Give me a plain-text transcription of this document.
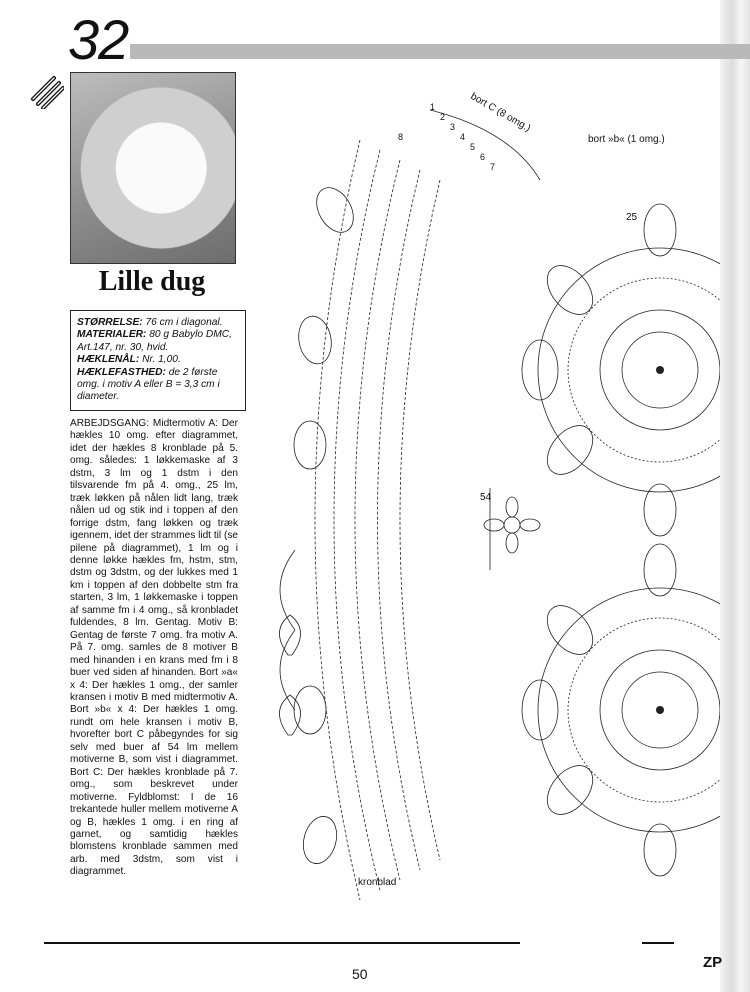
32
Lille dug

STØRRELSE: 76 cm i diagonal.

MATERIALER: 80 g Babylo DMC, Art.147, nr. 30, hvid.

HÆKLENÅL: Nr. 1,00.

HÆKLEFASTHED: de 2 første omg. i motiv A eller B = 3,3 cm i diameter.

ARBEJDSGANG: Midtermotiv A: Der hækles 10 omg. efter diagrammet, idet der hækles 8 kronblade på 5. omg. således: 1 løkkemaske af 3 dstm, 3 lm og 1 dstm i den tilsvarende fm på 4. omg., 25 lm, træk løkken på nålen lidt lang, træk nålen ud og stik ind i toppen af den forrige dstm, fang løkken og træk igennem, idet der strammes lidt til (se pilene på diagrammet), 1 lm og i denne løkke hækles fm, hstm, stm, dstm og 3dstm, og der lukkes med 1 km i toppen af den dobbelte stm fra starten, 3 lm, 1 løkkemaske i toppen af samme fm i 4 omg., så kronbladet fuldendes, 8 lm. Gentag. Motiv B: Gentag de første 7 omg. fra motiv A. På 7. omg. samles de 8 motiver B med hinanden i en krans med fm i 8 buer ved siden af hinanden. Bort »a« x 4: Der hækles 1 omg., der samler kransen i motiv B med midtermotiv A. Bort »b« x 4: Der hækles 1 omg. rundt om hele kransen i motiv B, hvorefter bort C påbegyndes for sig selv med buer af 54 lm mellem motiverne B, som vist i diagrammet. Bort C: Der hækles kronblade på 7. omg., som beskrevet under motiverne. Fyldblomst: I de 16 trekantede huller mellem motiverne A og B, hækles 1 omg. i en ring af garnet, og samtidig hækles blomstens kronblade sammen med arb. med 3dstm, som vist i diagrammet.
bort C (8 omg.)
bort »b« (1 omg.)
kronblad
54
25
1
2
3
4
5
6
7
8
50
ZP
